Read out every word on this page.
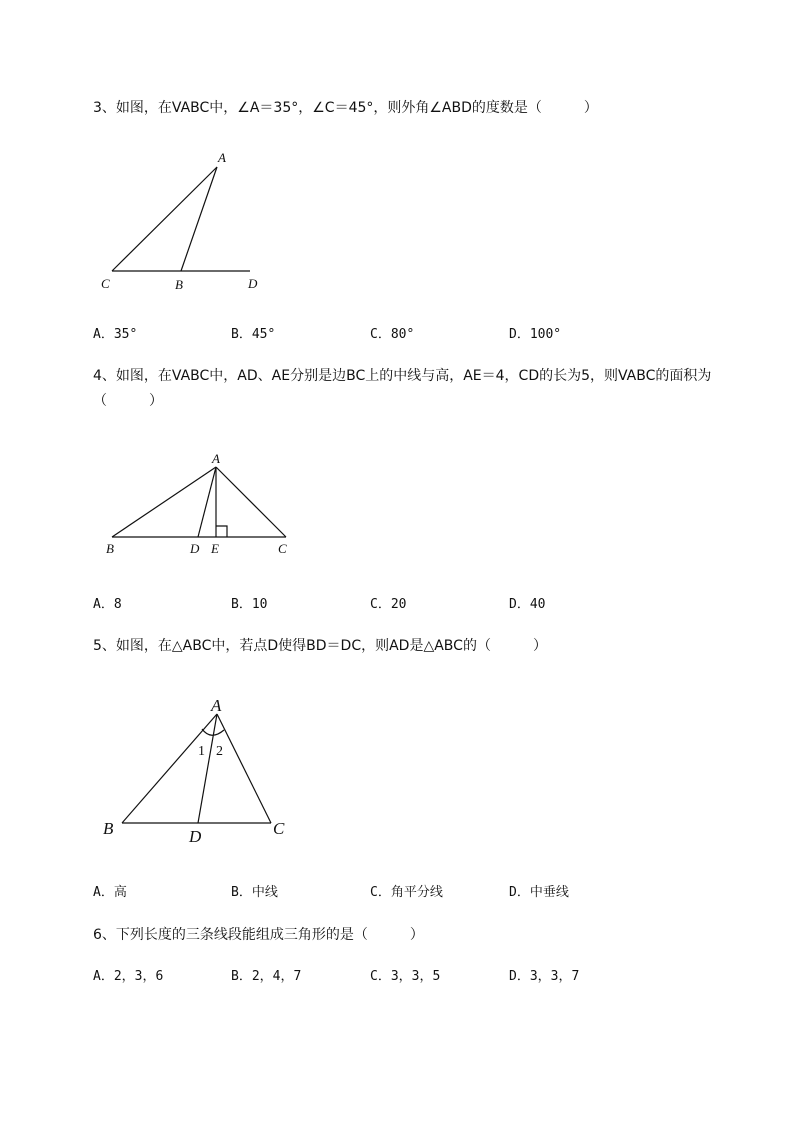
3、如图，在VABC中，∠A＝35°，∠C＝45°，则外角∠ABD的度数是（　　　）
A
C	B	D
A．35°	B．45°	C．80°	D．100°
4、如图，在VABC中，AD、AE分别是边BC上的中线与高，AE＝4，CD的长为5，则VABC的面积为
（　　　）
A
B	D E	C
A．8	B．10	C．20	D．40
5、如图，在△ABC中，若点D使得BD＝DC，则AD是△ABC的（　　　）
A
B	D	C
1 2
A．高	B．中线	C．角平分线	D．中垂线
6、下列长度的三条线段能组成三角形的是（　　　）
A．2，3，6	B．2，4，7	C．3，3，5	D．3，3，7
